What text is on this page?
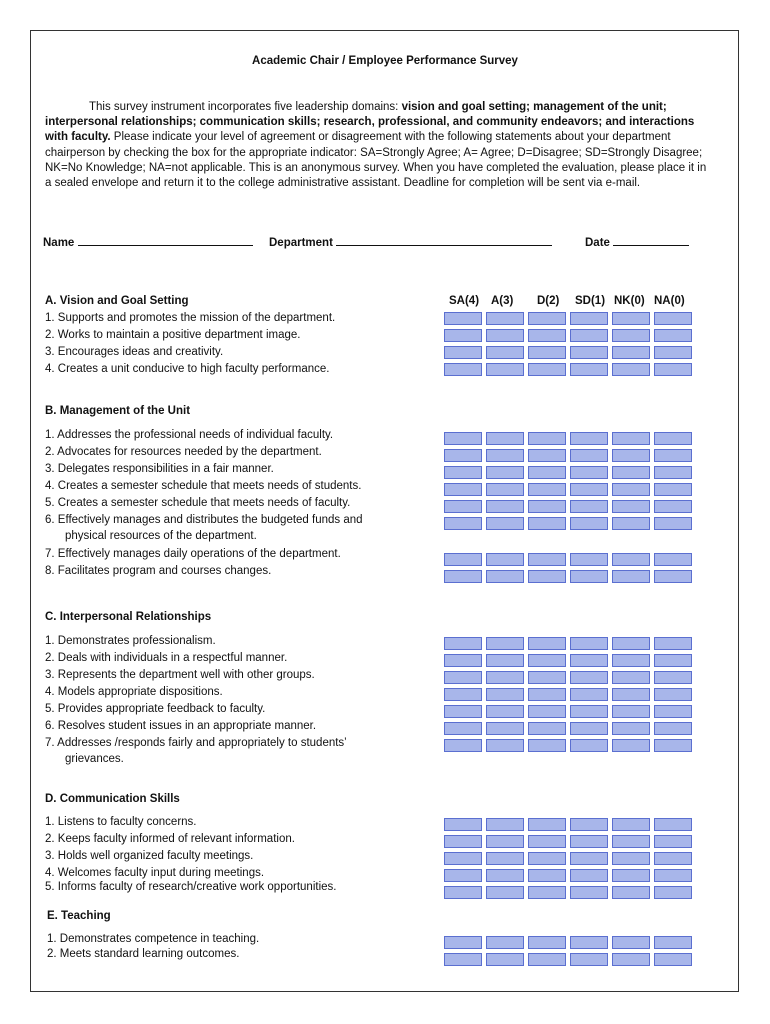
Academic Chair / Employee Performance Survey
This survey instrument incorporates five leadership domains: vision and goal setting; management of the unit; interpersonal relationships; communication skills; research, professional, and community endeavors; and interactions with faculty. Please indicate your level of agreement or disagreement with the following statements about your department chairperson by checking the box for the appropriate indicator: SA=Strongly Agree; A= Agree; D=Disagree; SD=Strongly Disagree; NK=No Knowledge; NA=not applicable. This is an anonymous survey. When you have completed the evaluation, please place it in a sealed envelope and return it to the college administrative assistant. Deadline for completion will be sent via e-mail.
Name	Department	Date
SA(4) A(3) D(2) SD(1) NK(0) NA(0)
A. Vision and Goal Setting
1. Supports and promotes the mission of the department.
2. Works to maintain a positive department image.
3. Encourages ideas and creativity.
4. Creates a unit conducive to high faculty performance.
B. Management of the Unit
1. Addresses the professional needs of individual faculty.
2. Advocates for resources needed by the department.
3. Delegates responsibilities in a fair manner.
4. Creates a semester schedule that meets needs of students.
5. Creates a semester schedule that meets needs of faculty.
6. Effectively manages and distributes the budgeted funds and
physical resources of the department.
7. Effectively manages daily operations of the department.
8. Facilitates program and courses changes.
C. Interpersonal Relationships
1. Demonstrates professionalism.
2. Deals with individuals in a respectful manner.
3. Represents the department well with other groups.
4. Models appropriate dispositions.
5. Provides appropriate feedback to faculty.
6. Resolves student issues in an appropriate manner.
7. Addresses /responds fairly and appropriately to students’
grievances.
D. Communication Skills
1. Listens to faculty concerns.
2. Keeps faculty informed of relevant information.
3. Holds well organized faculty meetings.
4. Welcomes faculty input during meetings.
5. Informs faculty of research/creative work opportunities.
E. Teaching
1. Demonstrates competence in teaching.
2. Meets standard learning outcomes.
